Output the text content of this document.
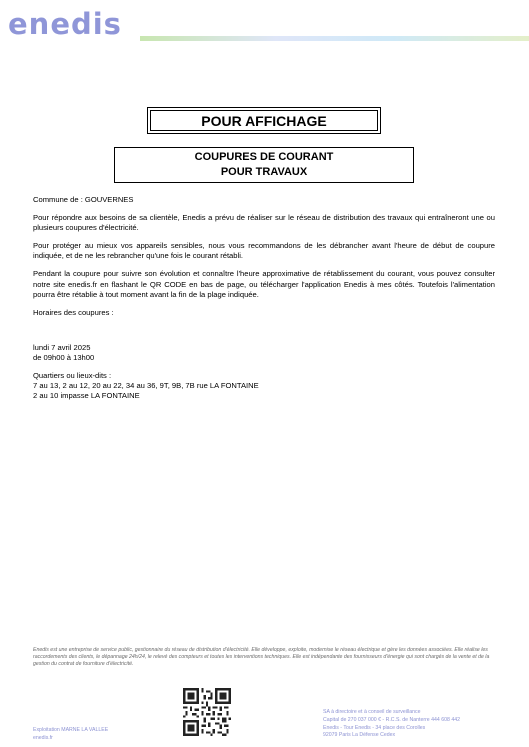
enedis
POUR AFFICHAGE
COUPURES DE COURANT
POUR TRAVAUX

Commune de : GOUVERNES

Pour répondre aux besoins de sa clientèle, Enedis a prévu de réaliser sur le réseau de distribution des travaux qui entraîneront une ou plusieurs coupures d'électricité.

Pour protéger au mieux vos appareils sensibles, nous vous recommandons de les débrancher avant l'heure de début de coupure indiquée, et de ne les rebrancher qu'une fois le courant rétabli.

Pendant la coupure pour suivre son évolution et connaître l'heure approximative de rétablissement du courant, vous pouvez consulter notre site enedis.fr en flashant le QR CODE en bas de page, ou télécharger l'application Enedis à mes côtés. Toutefois l'alimentation pourra être rétablie à tout moment avant la fin de la plage indiquée.

Horaires des coupures :

lundi 7 avril 2025

de 09h00 à 13h00

Quartiers ou lieux-dits :

7 au 13, 2 au 12, 20 au 22, 34 au 36, 9T, 9B, 7B rue LA FONTAINE

2 au 10 impasse LA FONTAINE

Enedis est une entreprise de service public, gestionnaire du réseau de distribution d'électricité. Elle développe, exploite, modernise le réseau électrique et gère les données associées. Elle réalise les raccordements des clients, le dépannage 24h/24, le relevé des compteurs et toutes les interventions techniques. Elle est indépendante des fournisseurs d'énergie qui sont chargés de la vente et de la gestion du contrat de fourniture d'électricité.
Exploitation MARNE LA VALLEE
enedis.fr
SA à directoire et à conseil de surveillance
Capital de 270 037 000 € - R.C.S. de Nanterre 444 608 442
Enedis - Tour Enedis - 34 place des Corolles
92079 Paris La Défense Cedex
